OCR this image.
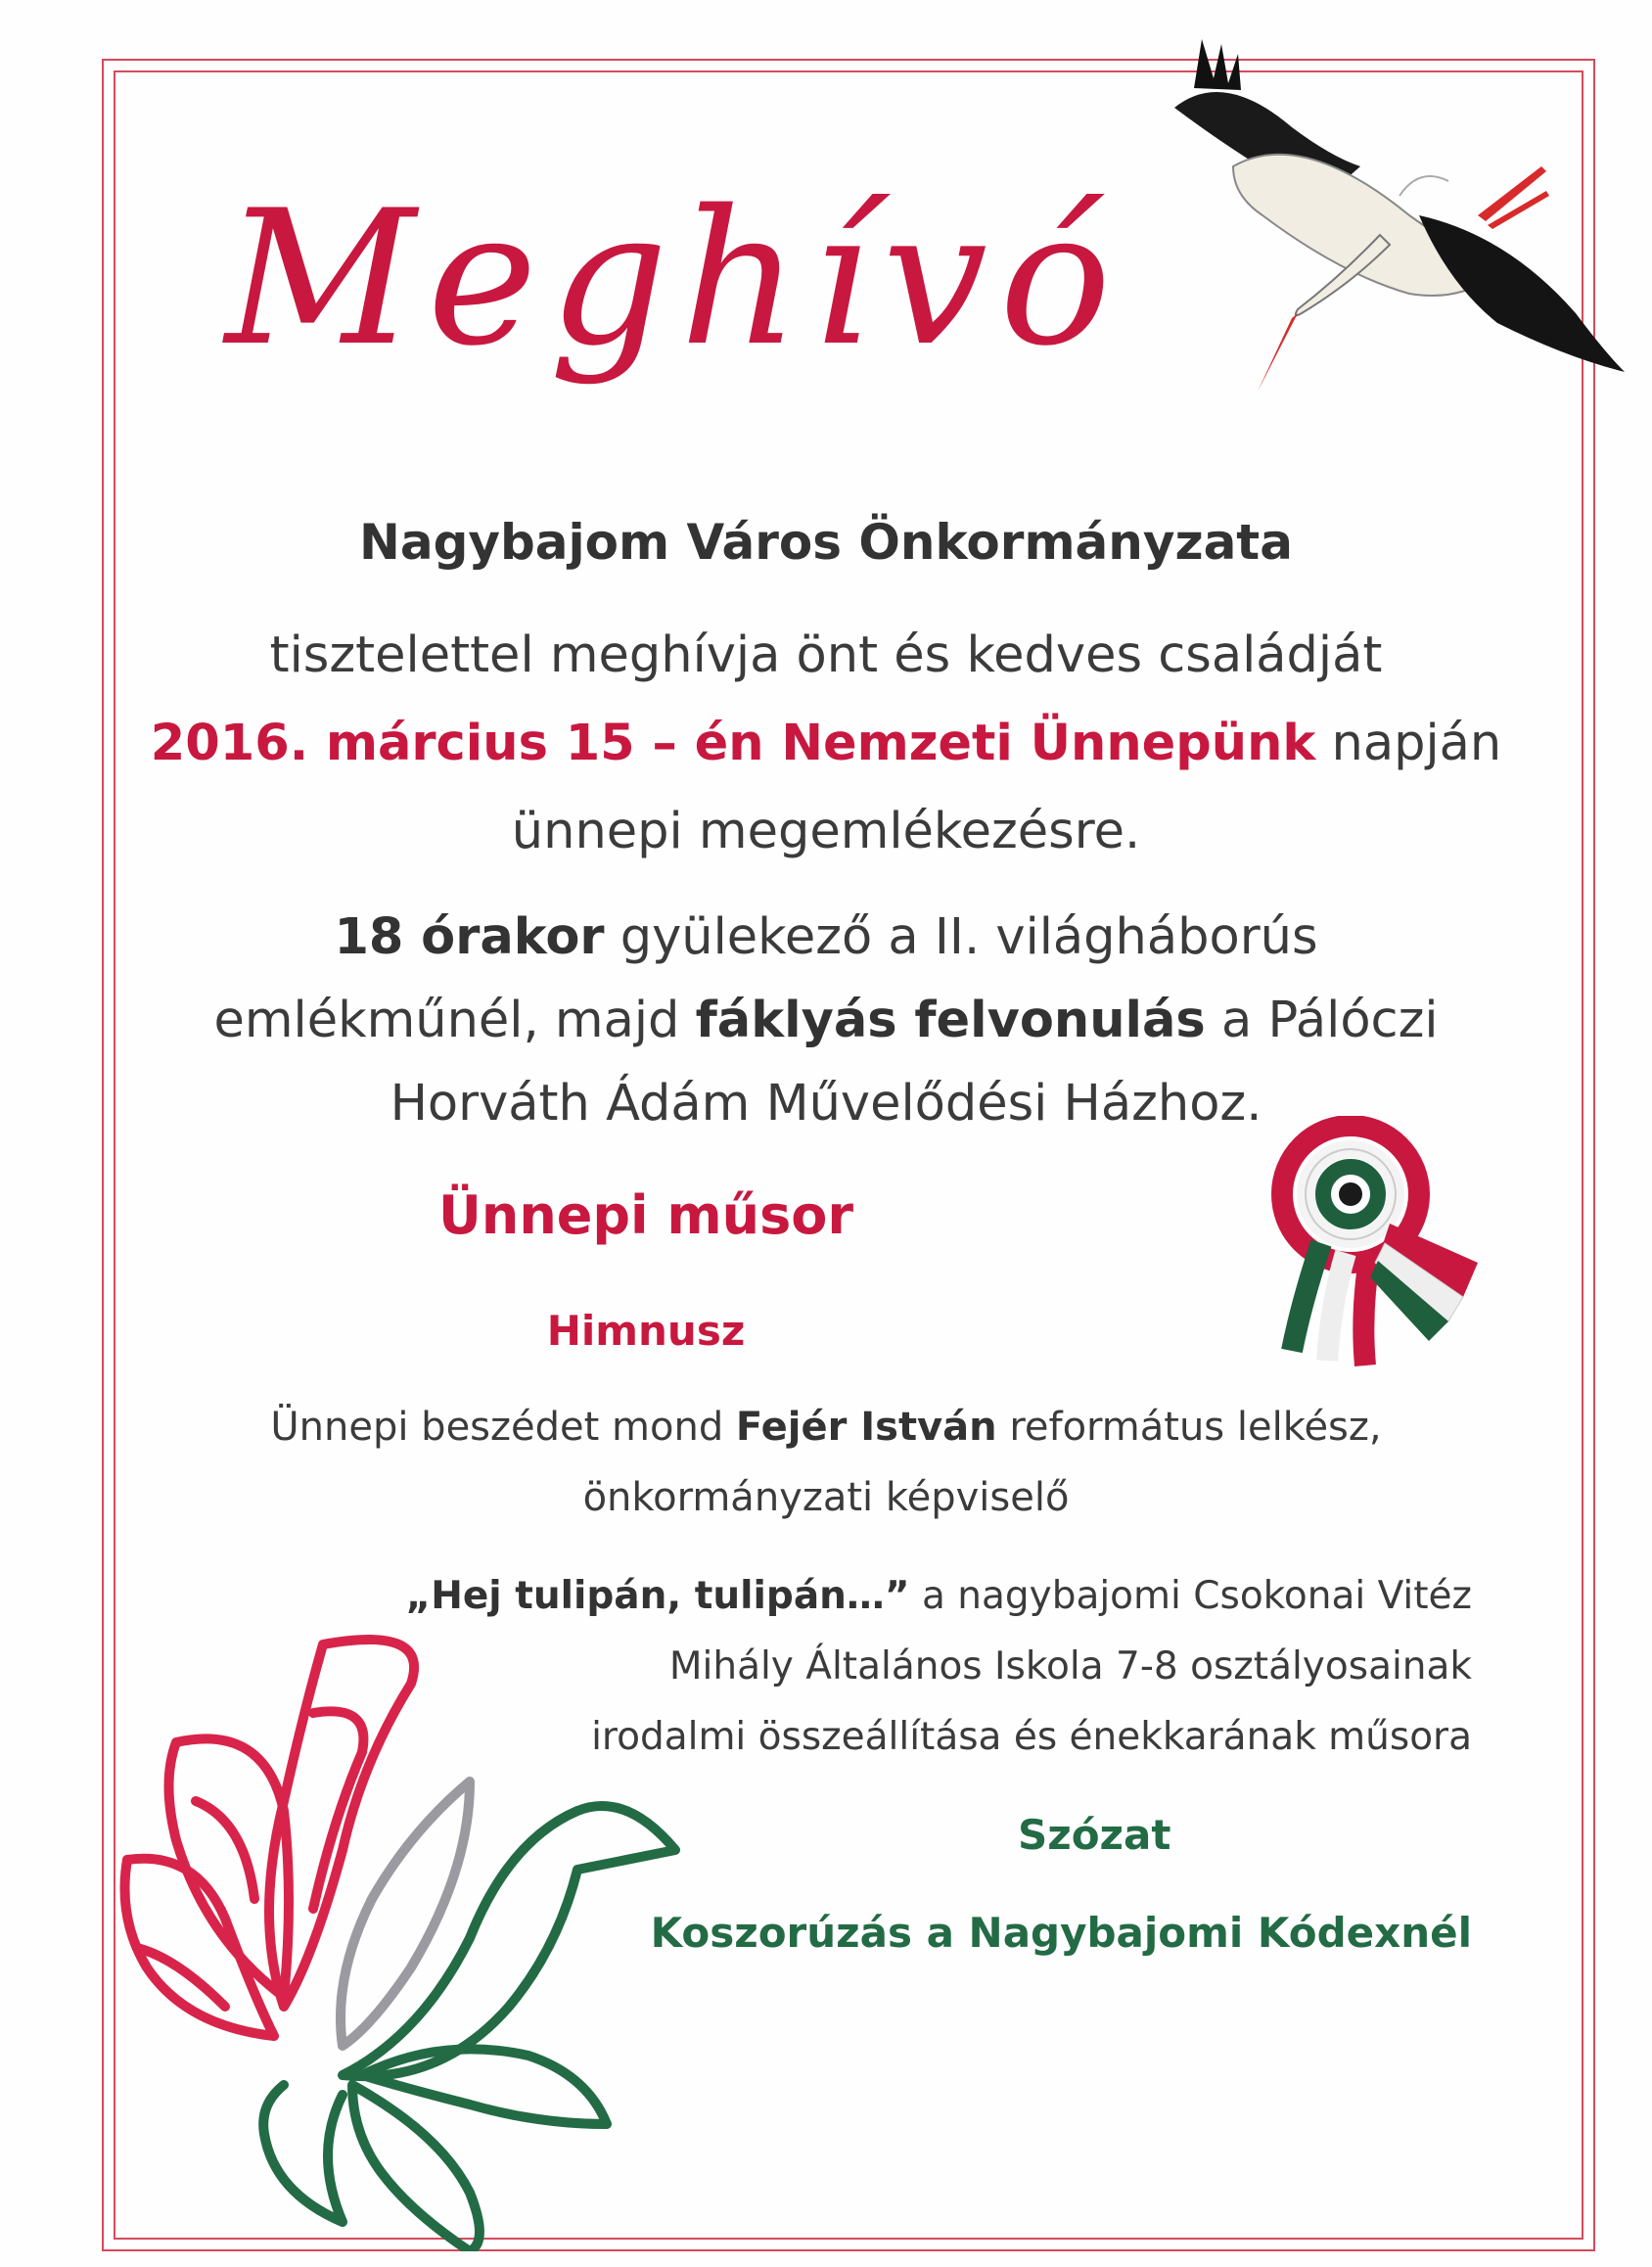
Meghívó
Nagybajom Város Önkormányzata
tisztelettel meghívja önt és kedves családját
2016. március 15 – én Nemzeti Ünnepünk napján
ünnepi megemlékezésre.
18 órakor gyülekező a II. világháborús
emlékműnél, majd fáklyás felvonulás a Pálóczi
Horváth Ádám Művelődési Házhoz.
Ünnepi műsor
Himnusz
Ünnepi beszédet mond Fejér István református lelkész,
önkormányzati képviselő
„Hej tulipán, tulipán…” a nagybajomi Csokonai Vitéz
Mihály Általános Iskola 7-8 osztályosainak
irodalmi összeállítása és énekkarának műsora
Szózat
Koszorúzás a Nagybajomi Kódexnél
